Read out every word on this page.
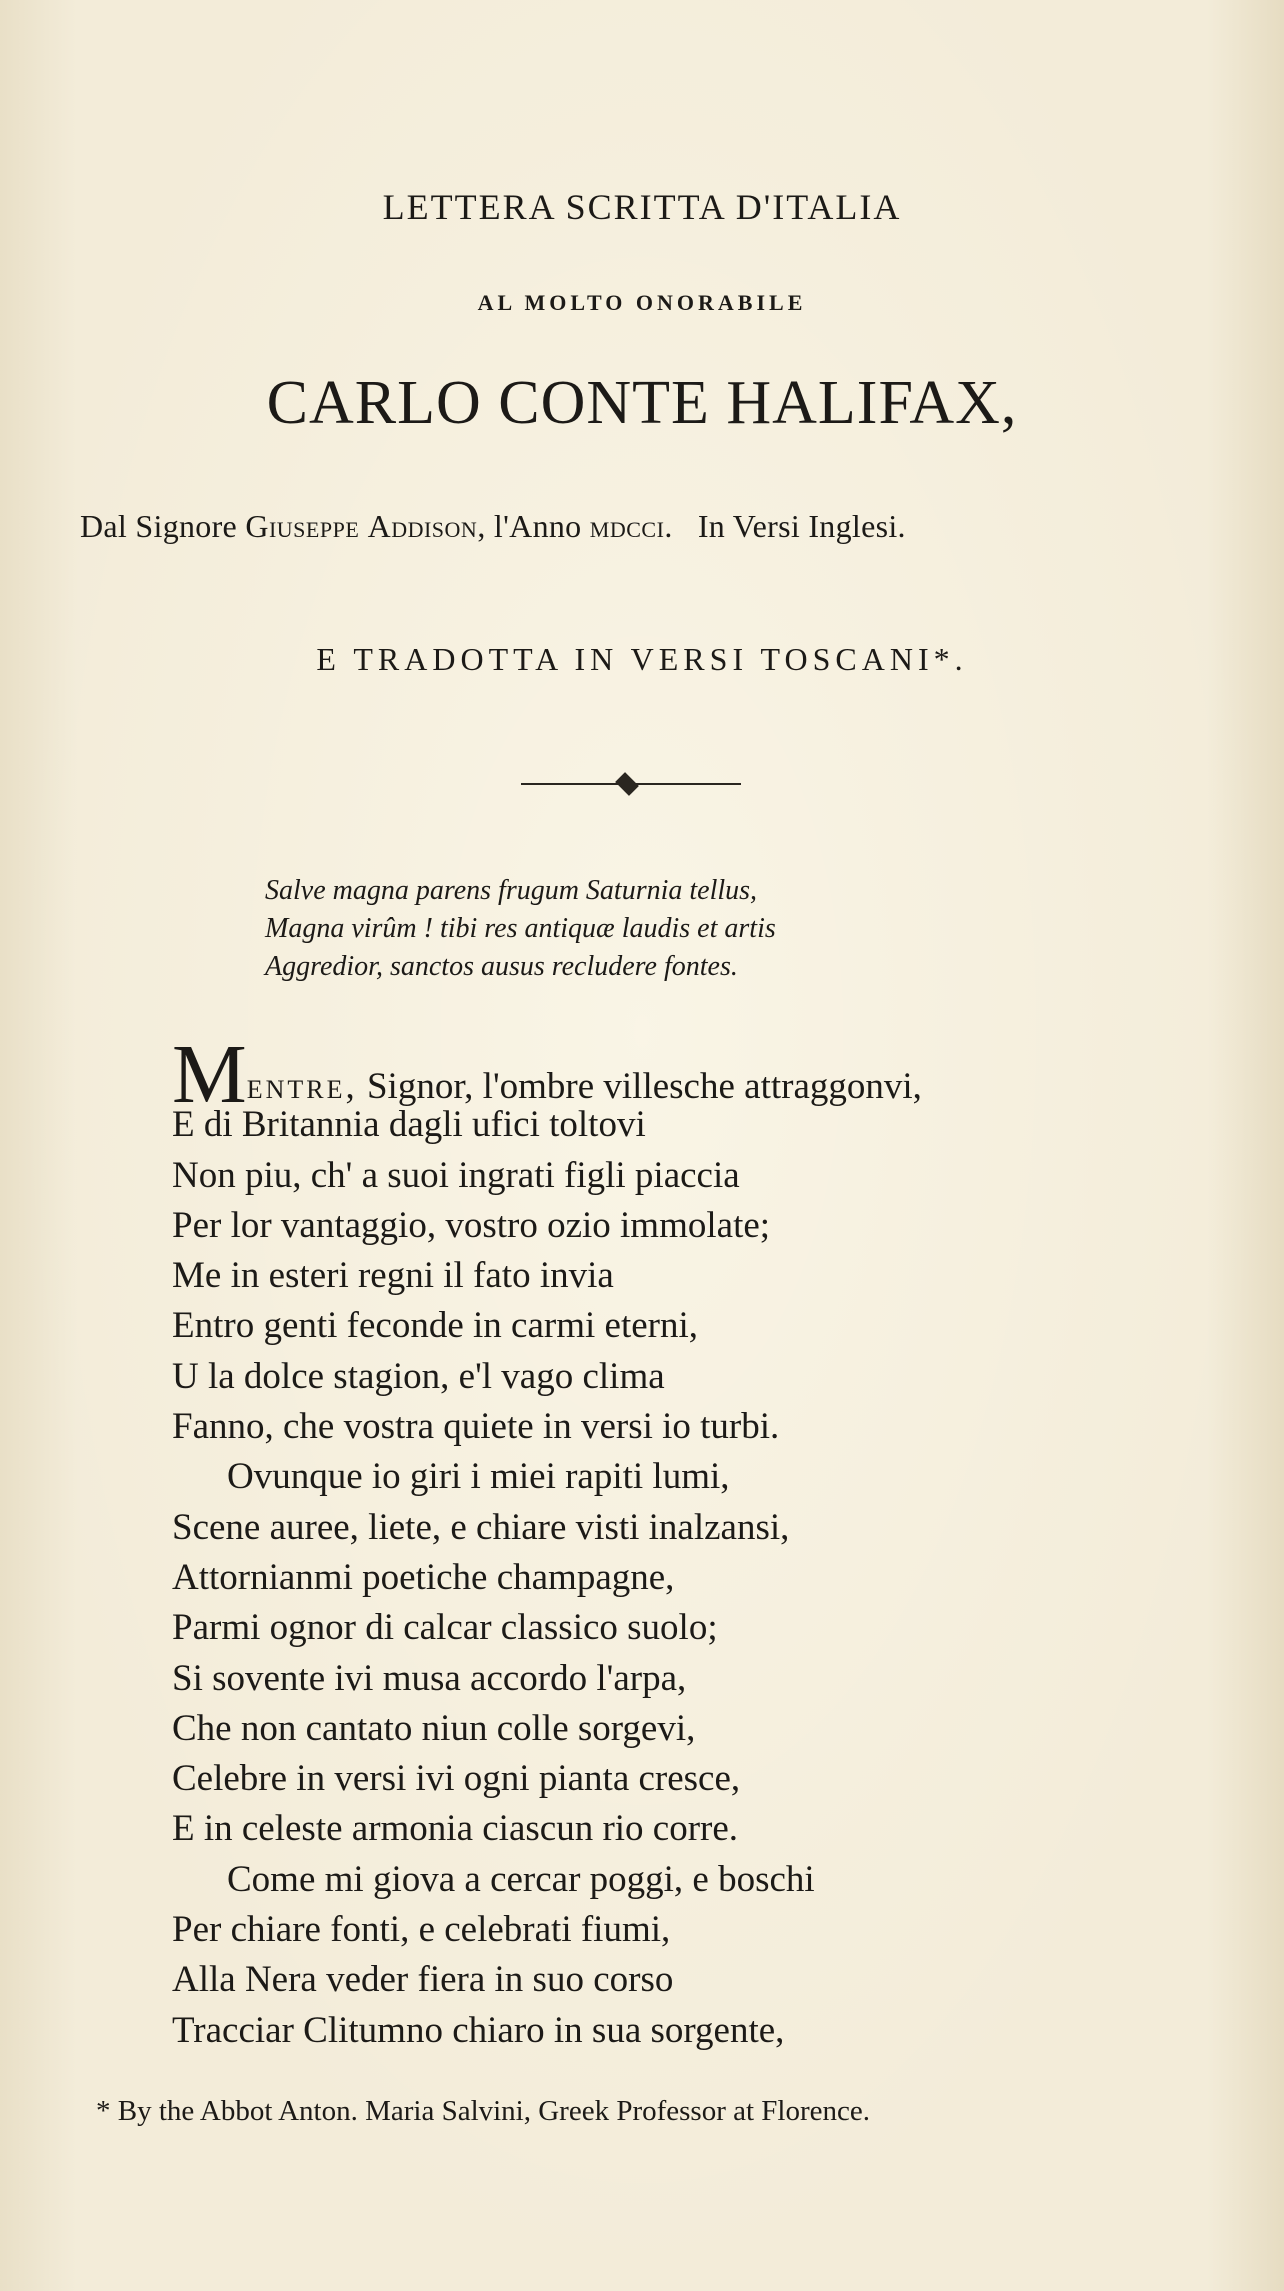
LETTERA SCRITTA D'ITALIA
AL MOLTO ONORABILE
CARLO CONTE HALIFAX,
Dal Signore Giuseppe Addison, l'Anno mdcci. In Versi Inglesi.
E TRADOTTA IN VERSI TOSCANI*.
Salve magna parens frugum Saturnia tellus,
Magna virûm ! tibi res antiquæ laudis et artis
Aggredior, sanctos ausus recludere fontes.
Mentre, Signor, l'ombre villesche attraggonvi,
E di Britannia dagli ufici toltovi
Non piu, ch' a suoi ingrati figli piaccia
Per lor vantaggio, vostro ozio immolate;
Me in esteri regni il fato invia
Entro genti feconde in carmi eterni,
U la dolce stagion, e'l vago clima
Fanno, che vostra quiete in versi io turbi.
Ovunque io giri i miei rapiti lumi,
Scene auree, liete, e chiare visti inalzansi,
Attornianmi poetiche champagne,
Parmi ognor di calcar classico suolo;
Si sovente ivi musa accordo l'arpa,
Che non cantato niun colle sorgevi,
Celebre in versi ivi ogni pianta cresce,
E in celeste armonia ciascun rio corre.
Come mi giova a cercar poggi, e boschi
Per chiare fonti, e celebrati fiumi,
Alla Nera veder fiera in suo corso
Tracciar Clitumno chiaro in sua sorgente,
* By the Abbot Anton. Maria Salvini, Greek Professor at Florence.
